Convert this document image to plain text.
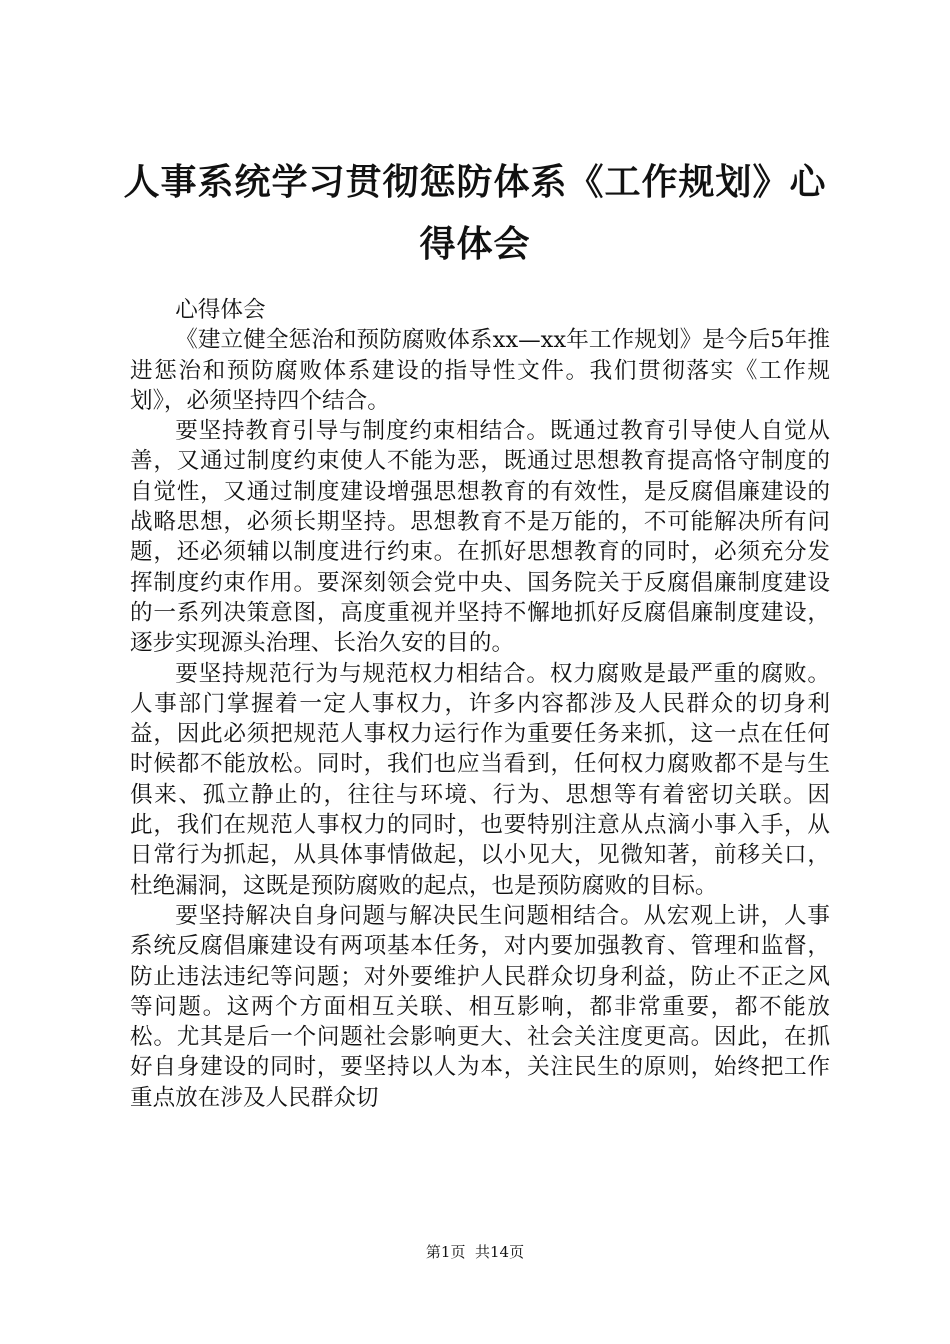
人事系统学习贯彻惩防体系《工作规划》心得体会

心得体会

《建立健全惩治和预防腐败体系xx—xx年工作规划》是今后5年推进惩治和预防腐败体系建设的指导性文件。我们贯彻落实《工作规划》，必须坚持四个结合。

要坚持教育引导与制度约束相结合。既通过教育引导使人自觉从善，又通过制度约束使人不能为恶，既通过思想教育提高恪守制度的自觉性，又通过制度建设增强思想教育的有效性，是反腐倡廉建设的战略思想，必须长期坚持。思想教育不是万能的，不可能解决所有问题，还必须辅以制度进行约束。在抓好思想教育的同时，必须充分发挥制度约束作用。要深刻领会党中央、国务院关于反腐倡廉制度建设的一系列决策意图，高度重视并坚持不懈地抓好反腐倡廉制度建设，逐步实现源头治理、长治久安的目的。

要坚持规范行为与规范权力相结合。权力腐败是最严重的腐败。人事部门掌握着一定人事权力，许多内容都涉及人民群众的切身利益，因此必须把规范人事权力运行作为重要任务来抓，这一点在任何时候都不能放松。同时，我们也应当看到，任何权力腐败都不是与生俱来、孤立静止的，往往与环境、行为、思想等有着密切关联。因此，我们在规范人事权力的同时，也要特别注意从点滴小事入手，从日常行为抓起，从具体事情做起，以小见大，见微知著，前移关口，杜绝漏洞，这既是预防腐败的起点，也是预防腐败的目标。

要坚持解决自身问题与解决民生问题相结合。从宏观上讲，人事系统反腐倡廉建设有两项基本任务，对内要加强教育、管理和监督，防止违法违纪等问题；对外要维护人民群众切身利益，防止不正之风等问题。这两个方面相互关联、相互影响，都非常重要，都不能放松。尤其是后一个问题社会影响更大、社会关注度更高。因此，在抓好自身建设的同时，要坚持以人为本，关注民生的原则，始终把工作重点放在涉及人民群众切

第1页 共14页
